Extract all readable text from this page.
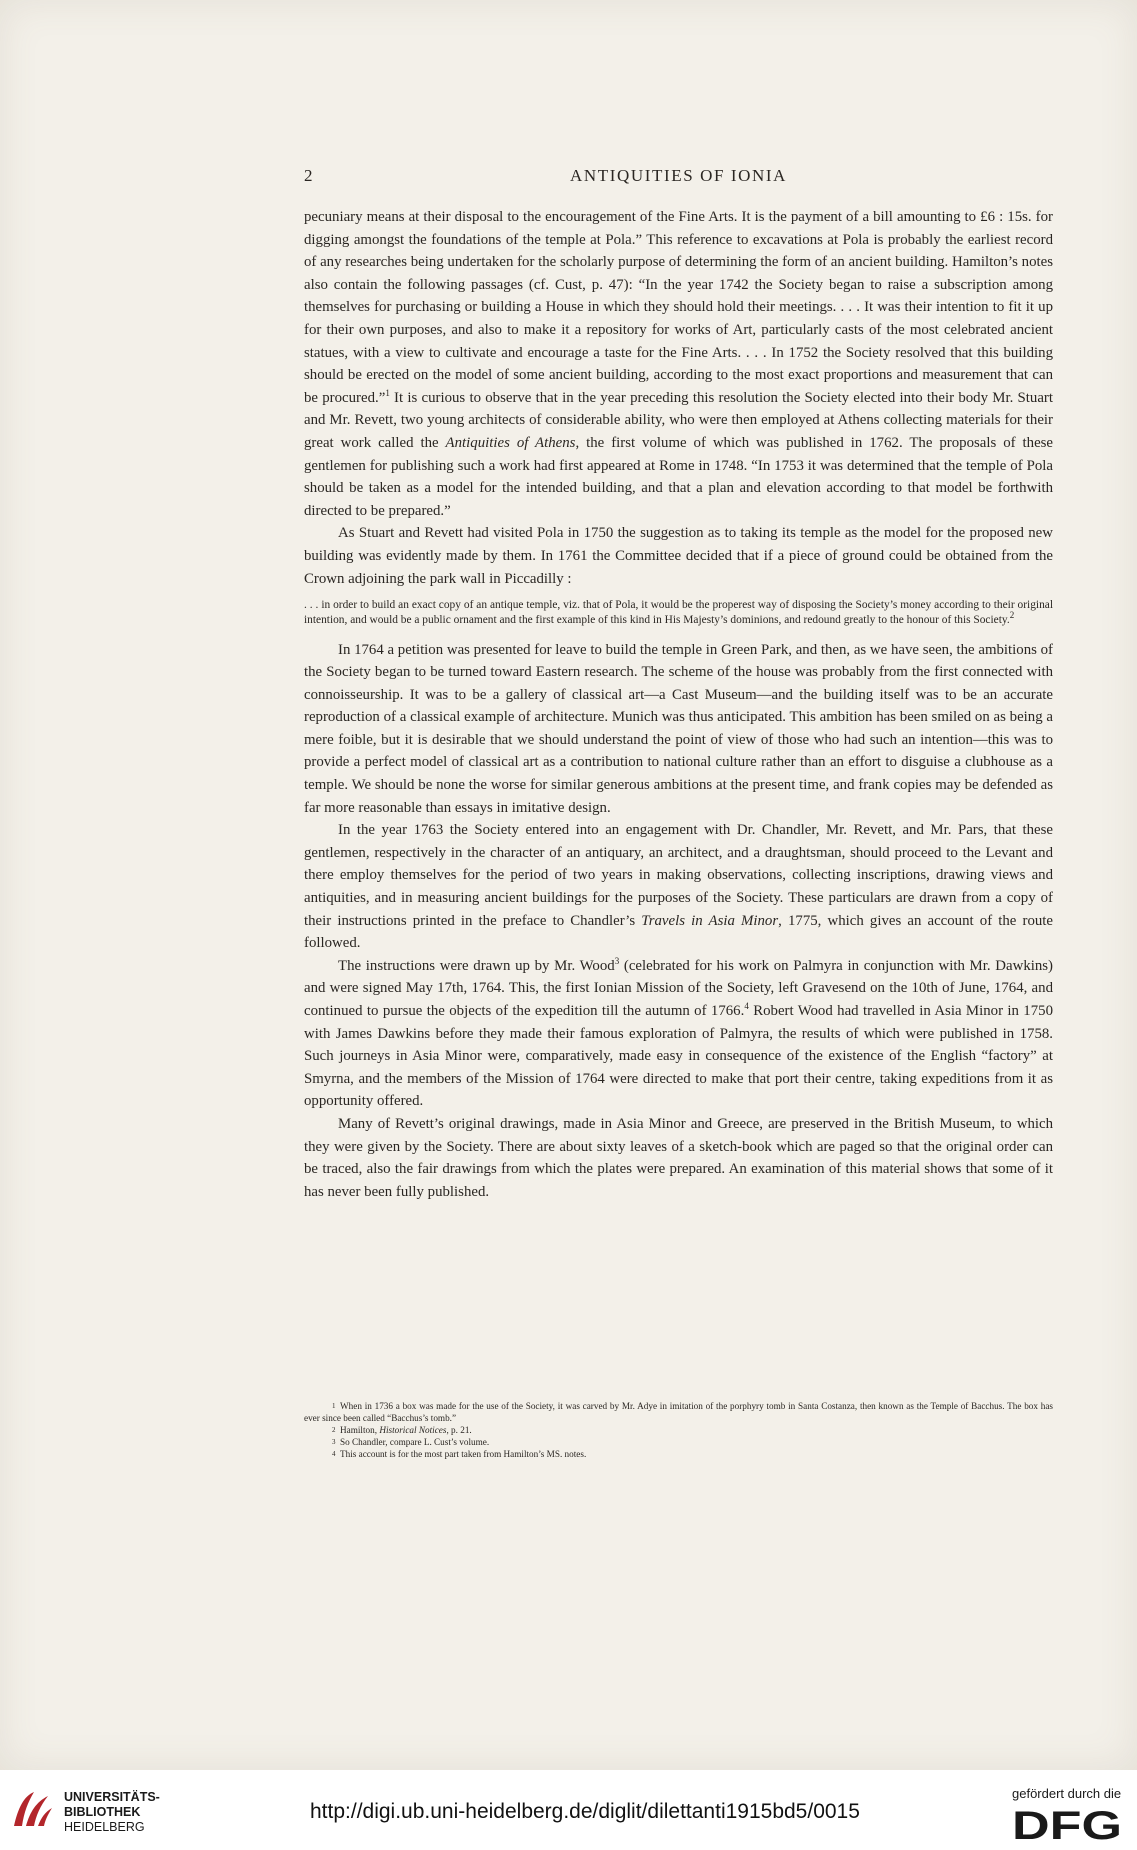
2	ANTIQUITIES OF IONIA

pecuniary means at their disposal to the encouragement of the Fine Arts. It is the payment of a bill amounting to £6 : 15s. for digging amongst the foundations of the temple at Pola.” This reference to excavations at Pola is probably the earliest record of any researches being undertaken for the scholarly purpose of determining the form of an ancient building. Hamilton’s notes also contain the following passages (cf. Cust, p. 47): “In the year 1742 the Society began to raise a subscription among themselves for purchasing or building a House in which they should hold their meetings. . . . It was their intention to fit it up for their own purposes, and also to make it a repository for works of Art, particularly casts of the most celebrated ancient statues, with a view to cultivate and encourage a taste for the Fine Arts. . . . In 1752 the Society resolved that this building should be erected on the model of some ancient building, according to the most exact proportions and measurement that can be procured.”$^1$ It is curious to observe that in the year preceding this resolution the Society elected into their body Mr. Stuart and Mr. Revett, two young architects of considerable ability, who were then employed at Athens collecting materials for their great work called the Antiquities of Athens, the first volume of which was published in 1762. The proposals of these gentlemen for publishing such a work had first appeared at Rome in 1748. “In 1753 it was determined that the temple of Pola should be taken as a model for the intended building, and that a plan and elevation according to that model be forthwith directed to be prepared.”

As Stuart and Revett had visited Pola in 1750 the suggestion as to taking its temple as the model for the proposed new building was evidently made by them. In 1761 the Committee decided that if a piece of ground could be obtained from the Crown adjoining the park wall in Piccadilly :

. . . in order to build an exact copy of an antique temple, viz. that of Pola, it would be the properest way of disposing the Society’s money according to their original intention, and would be a public ornament and the first example of this kind in His Majesty’s dominions, and redound greatly to the honour of this Society.$^2$

In 1764 a petition was presented for leave to build the temple in Green Park, and then, as we have seen, the ambitions of the Society began to be turned toward Eastern research. The scheme of the house was probably from the first connected with connoisseurship. It was to be a gallery of classical art—a Cast Museum—and the building itself was to be an accurate reproduction of a classical example of architecture. Munich was thus anticipated. This ambition has been smiled on as being a mere foible, but it is desirable that we should understand the point of view of those who had such an intention—this was to provide a perfect model of classical art as a contribution to national culture rather than an effort to disguise a clubhouse as a temple. We should be none the worse for similar generous ambitions at the present time, and frank copies may be defended as far more reasonable than essays in imitative design.

In the year 1763 the Society entered into an engagement with Dr. Chandler, Mr. Revett, and Mr. Pars, that these gentlemen, respectively in the character of an antiquary, an architect, and a draughtsman, should proceed to the Levant and there employ themselves for the period of two years in making observations, collecting inscriptions, drawing views and antiquities, and in measuring ancient buildings for the purposes of the Society. These particulars are drawn from a copy of their instructions printed in the preface to Chandler’s Travels in Asia Minor, 1775, which gives an account of the route followed.

The instructions were drawn up by Mr. Wood$^3$ (celebrated for his work on Palmyra in conjunction with Mr. Dawkins) and were signed May 17th, 1764. This, the first Ionian Mission of the Society, left Gravesend on the 10th of June, 1764, and continued to pursue the objects of the expedition till the autumn of 1766.$^4$ Robert Wood had travelled in Asia Minor in 1750 with James Dawkins before they made their famous exploration of Palmyra, the results of which were published in 1758. Such journeys in Asia Minor were, comparatively, made easy in consequence of the existence of the English “factory” at Smyrna, and the members of the Mission of 1764 were directed to make that port their centre, taking expeditions from it as opportunity offered.

Many of Revett’s original drawings, made in Asia Minor and Greece, are preserved in the British Museum, to which they were given by the Society. There are about sixty leaves of a sketch-book which are paged so that the original order can be traced, also the fair drawings from which the plates were prepared. An examination of this material shows that some of it has never been fully published.

1 When in 1736 a box was made for the use of the Society, it was carved by Mr. Adye in imitation of the porphyry tomb in Santa Costanza, then known as the Temple of Bacchus. The box has ever since been called “Bacchus’s tomb.”

2 Hamilton, Historical Notices, p. 21.

3 So Chandler, compare L. Cust’s volume.

4 This account is for the most part taken from Hamilton’s MS. notes.

UNIVERSITÄTS-
BIBLIOTHEK
HEIDELBERG
http://digi.ub.uni-heidelberg.de/diglit/dilettanti1915bd5/0015
gefördert durch die
DFG
